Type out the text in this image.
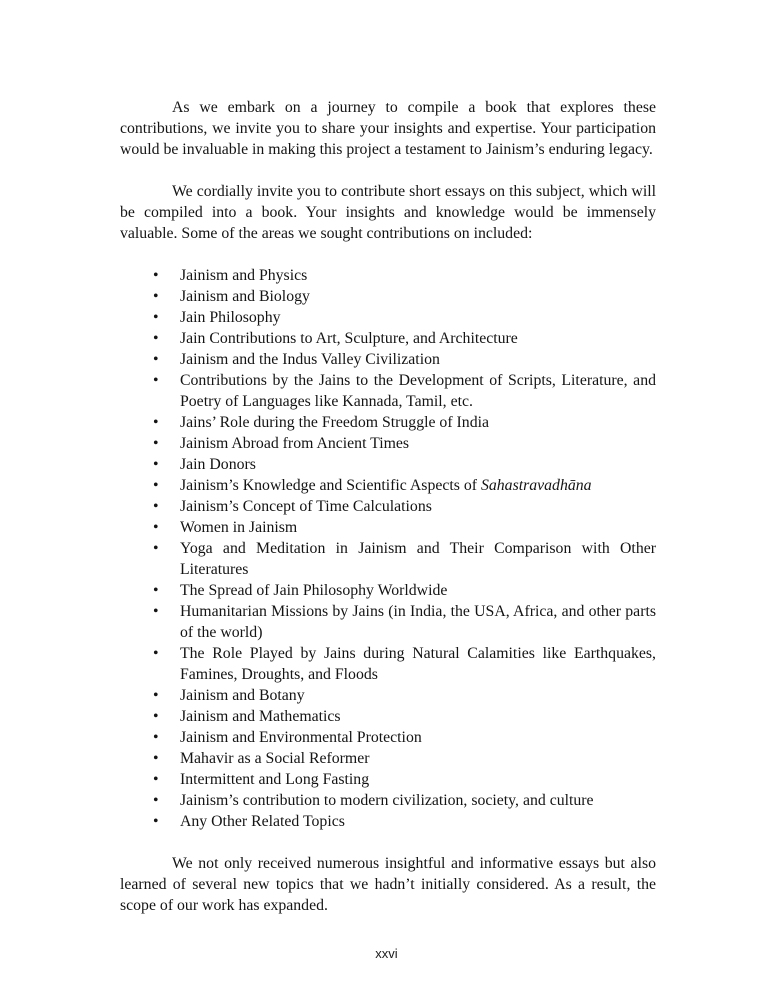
As we embark on a journey to compile a book that explores these contributions, we invite you to share your insights and expertise. Your participation would be invaluable in making this project a testament to Jainism’s enduring legacy.

We cordially invite you to contribute short essays on this subject, which will be compiled into a book. Your insights and knowledge would be immensely valuable. Some of the areas we sought contributions on included:

• Jainism and Physics
• Jainism and Biology
• Jain Philosophy
• Jain Contributions to Art, Sculpture, and Architecture
• Jainism and the Indus Valley Civilization
• Contributions by the Jains to the Development of Scripts, Literature, and Poetry of Languages like Kannada, Tamil, etc.
• Jains’ Role during the Freedom Struggle of India
• Jainism Abroad from Ancient Times
• Jain Donors
• Jainism’s Knowledge and Scientific Aspects of Sahastravadhāna
• Jainism’s Concept of Time Calculations
• Women in Jainism
• Yoga and Meditation in Jainism and Their Comparison with Other Literatures
• The Spread of Jain Philosophy Worldwide
• Humanitarian Missions by Jains (in India, the USA, Africa, and other parts of the world)
• The Role Played by Jains during Natural Calamities like Earthquakes, Famines, Droughts, and Floods
• Jainism and Botany
• Jainism and Mathematics
• Jainism and Environmental Protection
• Mahavir as a Social Reformer
• Intermittent and Long Fasting
• Jainism’s contribution to modern civilization, society, and culture
• Any Other Related Topics

We not only received numerous insightful and informative essays but also learned of several new topics that we hadn’t initially considered. As a result, the scope of our work has expanded.

xxvi
